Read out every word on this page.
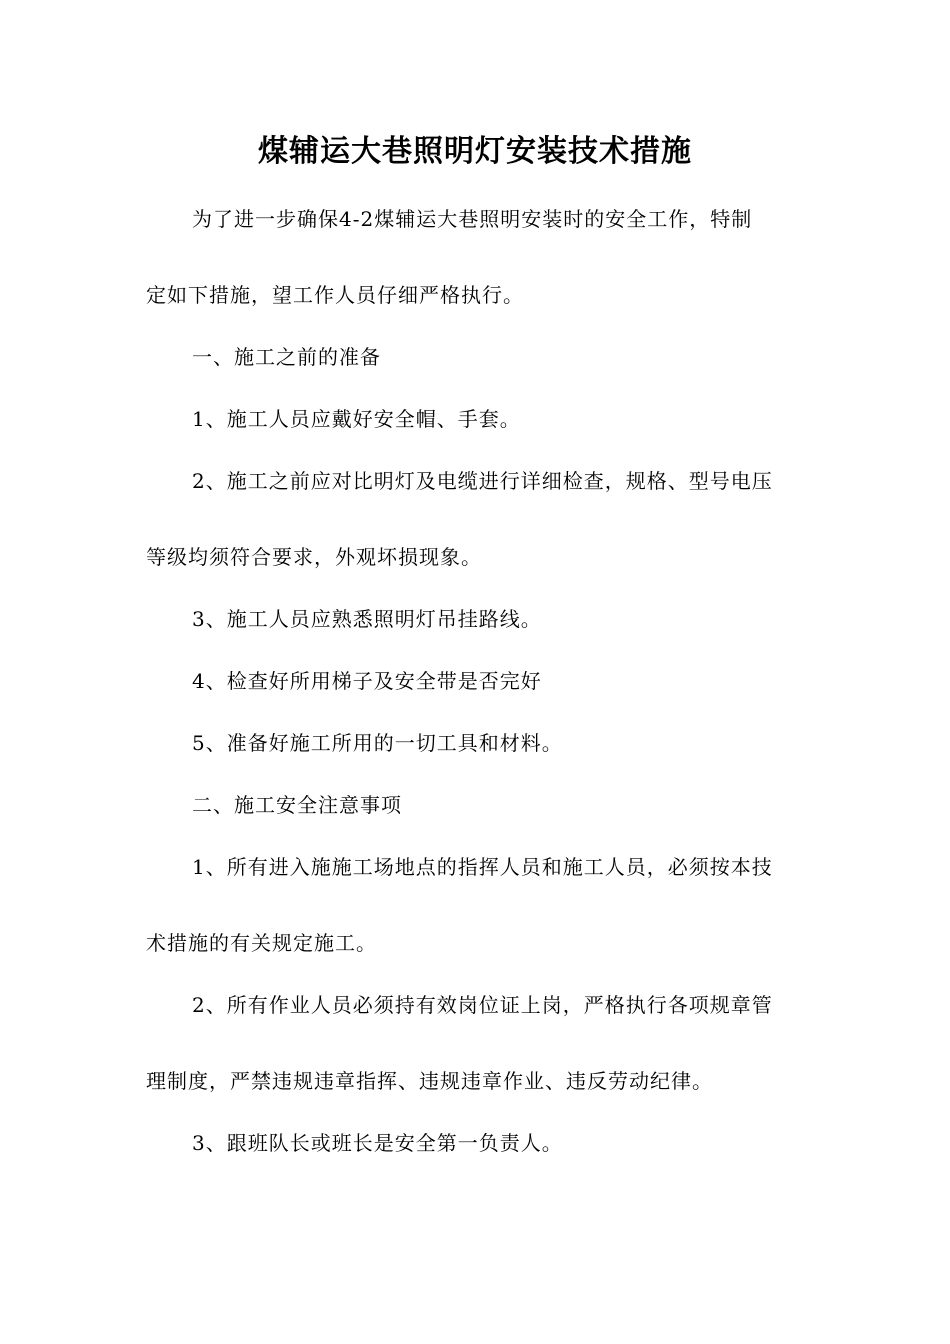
煤辅运大巷照明灯安装技术措施
为了进一步确保4-2煤辅运大巷照明安装时的安全工作，特制
定如下措施，望工作人员仔细严格执行。
一、施工之前的准备
1、施工人员应戴好安全帽、手套。
2、施工之前应对比明灯及电缆进行详细检查，规格、型号电压
等级均须符合要求，外观坏损现象。
3、施工人员应熟悉照明灯吊挂路线。
4、检查好所用梯子及安全带是否完好
5、准备好施工所用的一切工具和材料。
二、施工安全注意事项
1、所有进入施施工场地点的指挥人员和施工人员，必须按本技
术措施的有关规定施工。
2、所有作业人员必须持有效岗位证上岗，严格执行各项规章管
理制度，严禁违规违章指挥、违规违章作业、违反劳动纪律。
3、跟班队长或班长是安全第一负责人。
